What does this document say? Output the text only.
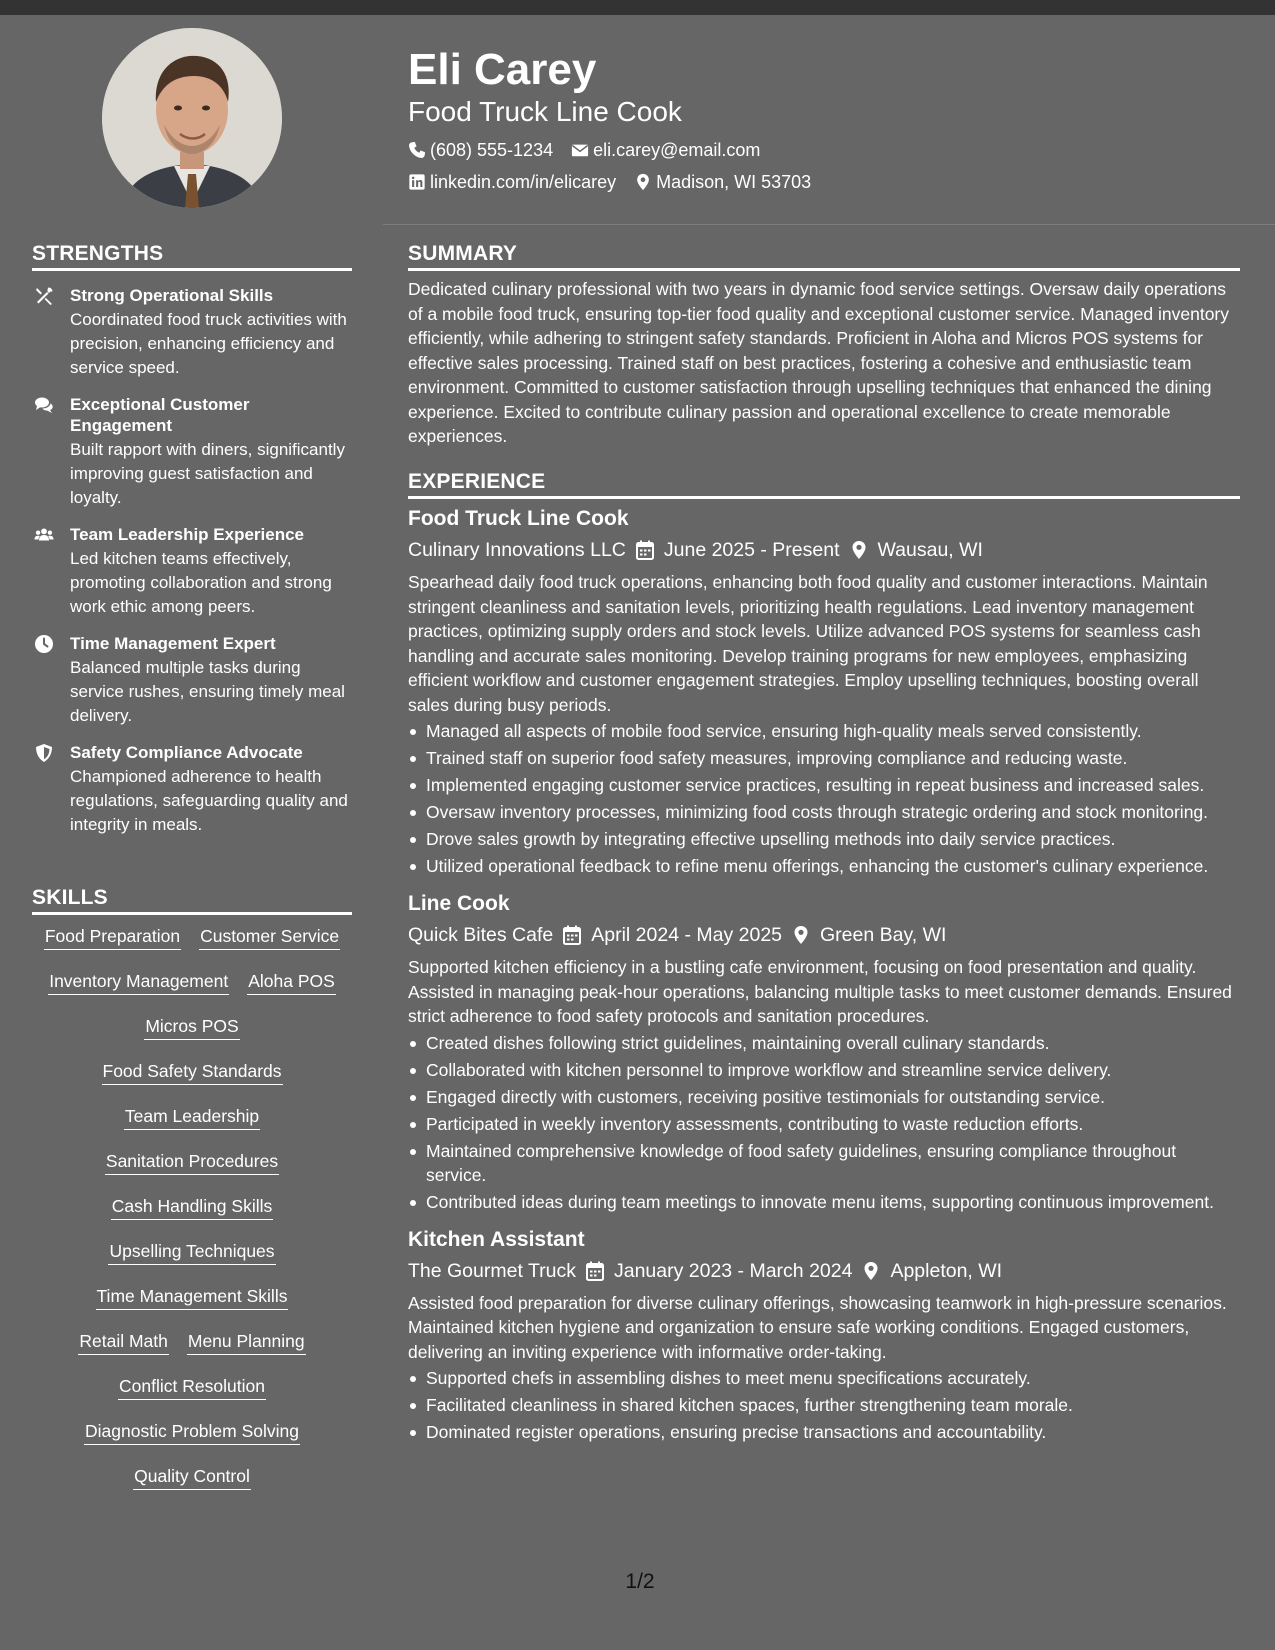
STRENGTHS
Strong Operational Skills
Coordinated food truck activities with precision, enhancing efficiency and service speed.
Exceptional Customer Engagement
Built rapport with diners, significantly improving guest satisfaction and loyalty.
Team Leadership Experience
Led kitchen teams effectively, promoting collaboration and strong work ethic among peers.
Time Management Expert
Balanced multiple tasks during service rushes, ensuring timely meal delivery.
Safety Compliance Advocate
Championed adherence to health regulations, safeguarding quality and integrity in meals.
SKILLS
Food Preparation Customer Service
Inventory Management Aloha POS
Micros POS
Food Safety Standards
Team Leadership
Sanitation Procedures
Cash Handling Skills
Upselling Techniques
Time Management Skills
Retail Math Menu Planning
Conflict Resolution
Diagnostic Problem Solving
Quality Control
Eli Carey
Food Truck Line Cook
(608) 555-1234 eli.carey@email.com
linkedin.com/in/elicarey Madison, WI 53703
SUMMARY
Dedicated culinary professional with two years in dynamic food service settings. Oversaw daily operations of a mobile food truck, ensuring top-tier food quality and exceptional customer service. Managed inventory efficiently, while adhering to stringent safety standards. Proficient in Aloha and Micros POS systems for effective sales processing. Trained staff on best practices, fostering a cohesive and enthusiastic team environment. Committed to customer satisfaction through upselling techniques that enhanced the dining experience. Excited to contribute culinary passion and operational excellence to create memorable experiences.
EXPERIENCE
Food Truck Line Cook
Culinary Innovations LLC June 2025 - Present Wausau, WI
Spearhead daily food truck operations, enhancing both food quality and customer interactions. Maintain stringent cleanliness and sanitation levels, prioritizing health regulations. Lead inventory management practices, optimizing supply orders and stock levels. Utilize advanced POS systems for seamless cash handling and accurate sales monitoring. Develop training programs for new employees, emphasizing efficient workflow and customer engagement strategies. Employ upselling techniques, boosting overall sales during busy periods.
Managed all aspects of mobile food service, ensuring high-quality meals served consistently.
Trained staff on superior food safety measures, improving compliance and reducing waste.
Implemented engaging customer service practices, resulting in repeat business and increased sales.
Oversaw inventory processes, minimizing food costs through strategic ordering and stock monitoring.
Drove sales growth by integrating effective upselling methods into daily service practices.
Utilized operational feedback to refine menu offerings, enhancing the customer's culinary experience.
Line Cook
Quick Bites Cafe April 2024 - May 2025 Green Bay, WI
Supported kitchen efficiency in a bustling cafe environment, focusing on food presentation and quality. Assisted in managing peak-hour operations, balancing multiple tasks to meet customer demands. Ensured strict adherence to food safety protocols and sanitation procedures.
Created dishes following strict guidelines, maintaining overall culinary standards.
Collaborated with kitchen personnel to improve workflow and streamline service delivery.
Engaged directly with customers, receiving positive testimonials for outstanding service.
Participated in weekly inventory assessments, contributing to waste reduction efforts.
Maintained comprehensive knowledge of food safety guidelines, ensuring compliance throughout service.
Contributed ideas during team meetings to innovate menu items, supporting continuous improvement.
Kitchen Assistant
The Gourmet Truck January 2023 - March 2024 Appleton, WI
Assisted food preparation for diverse culinary offerings, showcasing teamwork in high-pressure scenarios. Maintained kitchen hygiene and organization to ensure safe working conditions. Engaged customers, delivering an inviting experience with informative order-taking.
Supported chefs in assembling dishes to meet menu specifications accurately.
Facilitated cleanliness in shared kitchen spaces, further strengthening team morale.
Dominated register operations, ensuring precise transactions and accountability.
1/2
